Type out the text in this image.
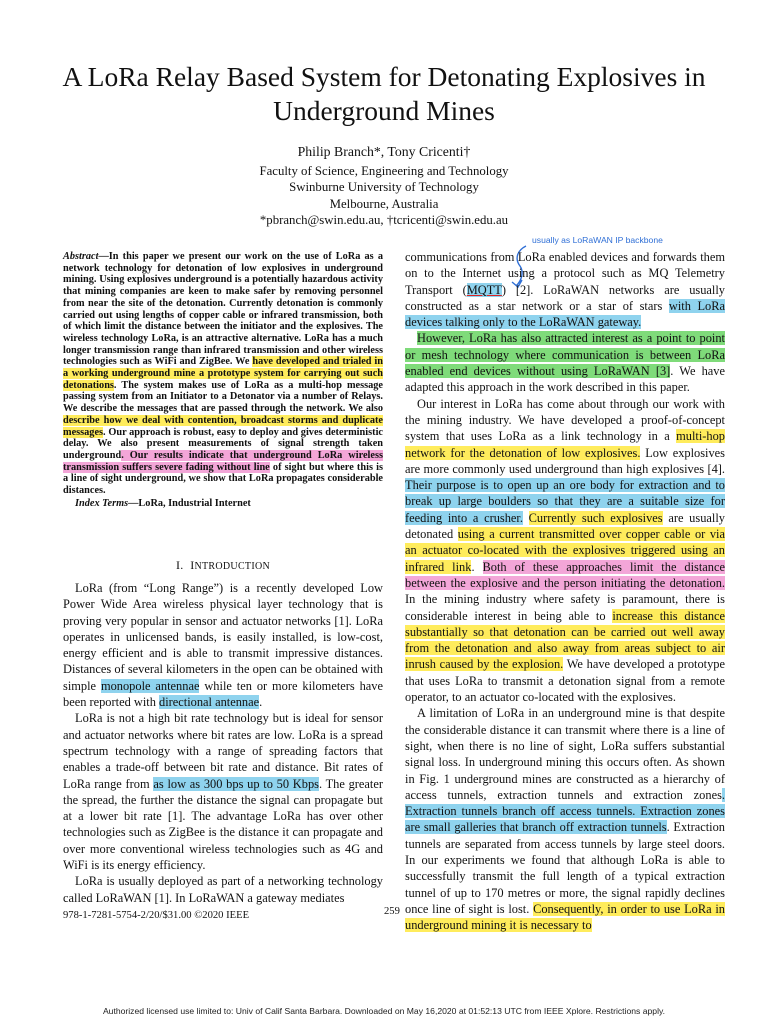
A LoRa Relay Based System for Detonating Explosives in Underground Mines
Philip Branch*, Tony Cricenti†
Faculty of Science, Engineering and Technology
Swinburne University of Technology
Melbourne, Australia
*pbranch@swin.edu.au, †tcricenti@swin.edu.au
Abstract—In this paper we present our work on the use of LoRa as a network technology for detonation of low explosives in underground mining. Using explosives underground is a potentially hazardous activity that mining companies are keen to make safer by removing personnel from near the site of the detonation. Currently detonation is commonly carried out using lengths of copper cable or infrared transmission, both of which limit the distance between the initiator and the explosives. The wireless technology LoRa, is an attractive alternative. LoRa has a much longer transmission range than infrared transmission and other wireless technologies such as WiFi and ZigBee. We have developed and trialed in a working underground mine a prototype system for carrying out such detonations. The system makes use of LoRa as a multi-hop message passing system from an Initiator to a Detonator via a number of Relays. We describe the messages that are passed through the network. We also describe how we deal with contention, broadcast storms and duplicate messages. Our approach is robust, easy to deploy and gives deterministic delay. We also present measurements of signal strength taken underground. Our results indicate that underground LoRa wireless transmission suffers severe fading without line of sight but where this is a line of sight underground, we show that LoRa propagates considerable distances.
Index Terms—LoRa, Industrial Internet
I. INTRODUCTION

LoRa (from “Long Range”) is a recently developed Low Power Wide Area wireless physical layer technology that is proving very popular in sensor and actuator networks [1]. LoRa operates in unlicensed bands, is easily installed, is low-cost, energy efficient and is able to transmit impressive distances. Distances of several kilometers in the open can be obtained with simple monopole antennae while ten or more kilometers have been reported with directional antennae.

LoRa is not a high bit rate technology but is ideal for sensor and actuator networks where bit rates are low. LoRa is a spread spectrum technology with a range of spreading factors that enables a trade-off between bit rate and distance. Bit rates of LoRa range from as low as 300 bps up to 50 Kbps. The greater the spread, the further the distance the signal can propagate but at a lower bit rate [1]. The advantage LoRa has over other technologies such as ZigBee is the distance it can propagate and over more conventional wireless technologies such as 4G and WiFi is its energy efficiency.

LoRa is usually deployed as part of a networking technology called LoRaWAN [1]. In LoRaWAN a gateway mediates

usually as LoRaWAN IP backbone

communications from LoRa enabled devices and forwards them on to the Internet using a protocol such as MQ Telemetry Transport (MQTT) [2]. LoRaWAN networks are usually constructed as a star network or a star of stars with LoRa devices talking only to the LoRaWAN gateway.

However, LoRa has also attracted interest as a point to point or mesh technology where communication is between LoRa enabled end devices without using LoRaWAN [3]. We have adapted this approach in the work described in this paper.

Our interest in LoRa has come about through our work with the mining industry. We have developed a proof-of-concept system that uses LoRa as a link technology in a multi-hop network for the detonation of low explosives. Low explosives are more commonly used underground than high explosives [4]. Their purpose is to open up an ore body for extraction and to break up large boulders so that they are a suitable size for feeding into a crusher. Currently such explosives are usually detonated using a current transmitted over copper cable or via an actuator co-located with the explosives triggered using an infrared link. Both of these approaches limit the distance between the explosive and the person initiating the detonation. In the mining industry where safety is paramount, there is considerable interest in being able to increase this distance substantially so that detonation can be carried out well away from the detonation and also away from areas subject to air inrush caused by the explosion. We have developed a prototype that uses LoRa to transmit a detonation signal from a remote operator, to an actuator co-located with the explosives.

A limitation of LoRa in an underground mine is that despite the considerable distance it can transmit where there is a line of sight, when there is no line of sight, LoRa suffers substantial signal loss. In underground mining this occurs often. As shown in Fig. 1 underground mines are constructed as a hierarchy of access tunnels, extraction tunnels and extraction zones. Extraction tunnels branch off access tunnels. Extraction zones are small galleries that branch off extraction tunnels. Extraction tunnels are separated from access tunnels by large steel doors. In our experiments we found that although LoRa is able to successfully transmit the full length of a typical extraction tunnel of up to 170 metres or more, the signal rapidly declines once line of sight is lost. Consequently, in order to use LoRa in underground mining it is necessary to

978-1-7281-5754-2/20/$31.00 ©2020 IEEE	259
Authorized licensed use limited to: Univ of Calif Santa Barbara. Downloaded on May 16,2020 at 01:52:13 UTC from IEEE Xplore. Restrictions apply.
